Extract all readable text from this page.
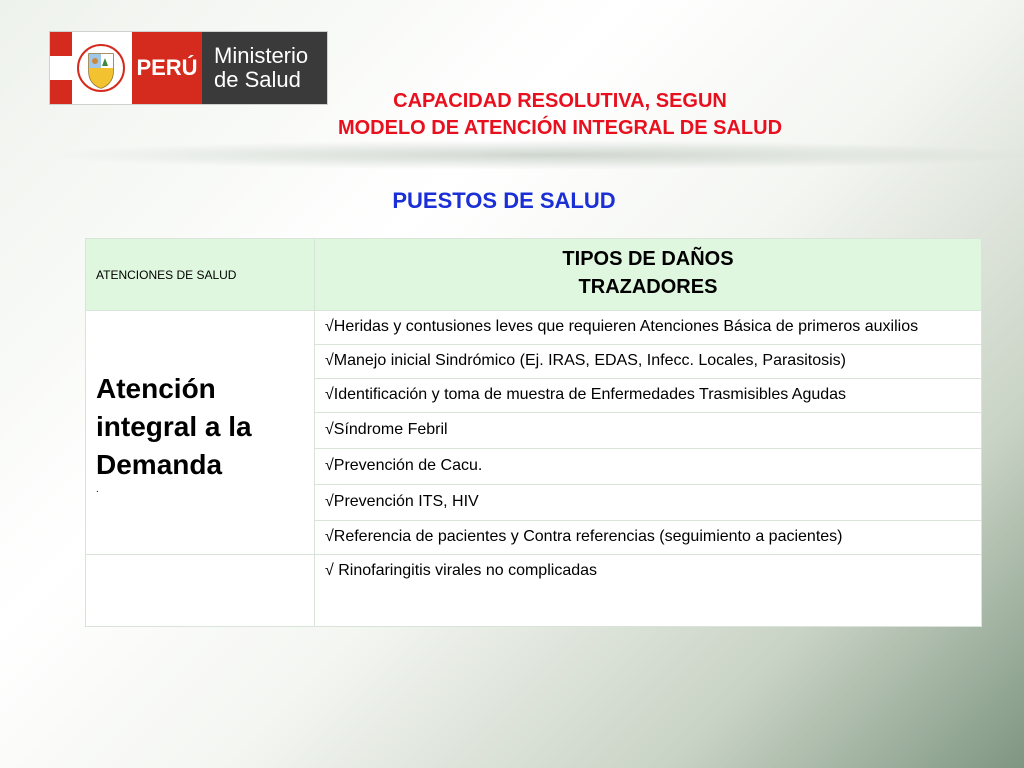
PERÚ Ministerio
de Salud
CAPACIDAD RESOLUTIVA, SEGUN
MODELO DE ATENCIÓN INTEGRAL DE SALUD
PUESTOS DE SALUD
ATENCIONES DE SALUD	TIPOS DE DAÑOS
TRAZADORES

Atención
integral a la
Demanda
.	√Heridas y contusiones leves que requieren Atenciones Básica de primeros auxilios
	√Manejo inicial Sindrómico (Ej. IRAS, EDAS, Infecc. Locales, Parasitosis)
	√Identificación y toma de muestra de Enfermedades Trasmisibles Agudas
	√Síndrome Febril
	√Prevención de Cacu.
	√Prevención ITS, HIV
	√Referencia de pacientes y Contra referencias (seguimiento a pacientes)
	√ Rinofaringitis virales no complicadas
